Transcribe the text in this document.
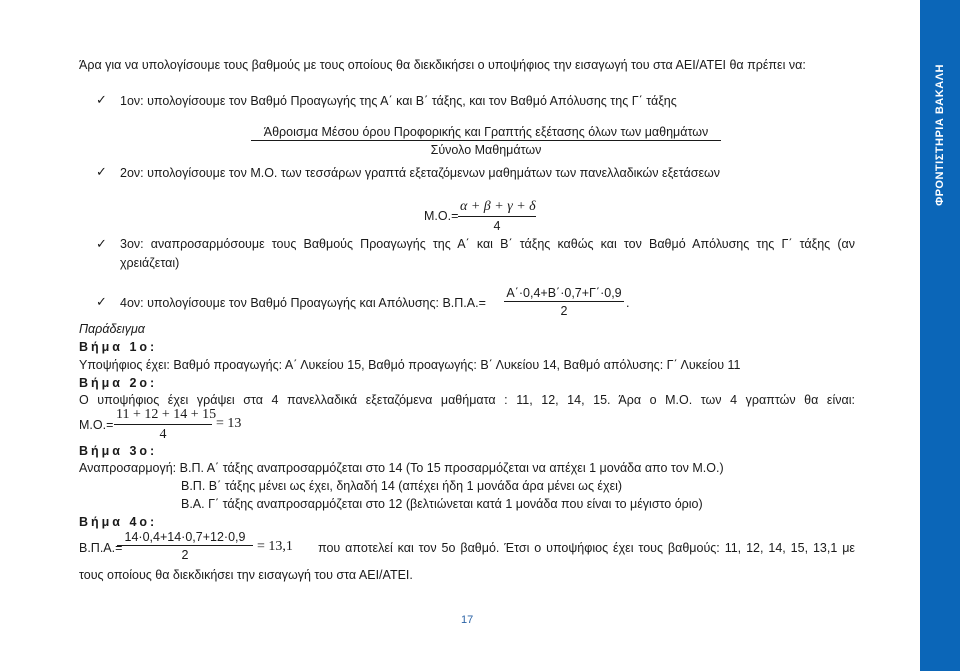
ΦΡΟΝΤΙΣΤΗΡΙΑ ΒΑΚΑΛΗ
Άρα για να υπολογίσουμε τους βαθμούς με τους οποίους θα διεκδικήσει ο υποψήφιος την εισαγωγή του στα ΑΕΙ/ΑΤΕΙ θα πρέπει να:
✓ 1ον: υπολογίσουμε τον Βαθμό Προαγωγής της Α΄ και Β΄ τάξης, και τον Βαθμό Απόλυσης της Γ΄ τάξης
Άθροισμα Μέσου όρου Προφορικής και Γραπτής εξέτασης όλων των μαθημάτων
Σύνολο Μαθημάτων
✓ 2ον: υπολογίσουμε τον Μ.Ο. των τεσσάρων γραπτά εξεταζόμενων μαθημάτων των πανελλαδικών εξετάσεων
$M.O.= \frac{\alpha + \beta + \gamma + \delta}{4}$
✓ 3ον: αναπροσαρμόσουμε τους Βαθμούς Προαγωγής της Α΄ και Β΄ τάξης καθώς και τον Βαθμό Απόλυσης της Γ΄ τάξης (αν
χρειάζεται)
✓ 4ον: υπολογίσουμε τον Βαθμό Προαγωγής και Απόλυσης: $B.\Pi.A.= \frac{A΄\cdot 0,4+B΄\cdot 0,7+\Gamma΄\cdot 0,9}{2}$ .
Παράδειγμα
Βήμα 1ο:
Υποψήφιος έχει: Βαθμό προαγωγής: Α΄ Λυκείου 15, Βαθμό προαγωγής: Β΄ Λυκείου 14, Βαθμό απόλυσης: Γ΄ Λυκείου 11
Βήμα 2ο:
Ο υποψήφιος έχει γράψει στα 4 πανελλαδικά εξεταζόμενα μαθήματα : 11, 12, 14, 15. Άρα ο Μ.Ο. των 4 γραπτών θα είναι:
$M.O.= \frac{11 + 12 + 14 + 15}{4} = 13$
Βήμα 3ο:
Αναπροσαρμογή: Β.Π. Α΄ τάξης αναπροσαρμόζεται στο 14 (Το 15 προσαρμόζεται να απέχει 1 μονάδα απο τον Μ.Ο.)
Β.Π. Β΄ τάξης μένει ως έχει, δηλαδή 14 (απέχει ήδη 1 μονάδα άρα μένει ως έχει)
Β.Α. Γ΄ τάξης αναπροσαρμόζεται στο 12 (βελτιώνεται κατά 1 μονάδα που είναι το μέγιστο όριο)
Βήμα 4ο:
Β.Π.Α.=
$\frac{14\cdot 0,4+14\cdot 0,7+12\cdot 0,9}{2} = 13,1$ που αποτελεί και τον 5ο βαθμό. Έτσι ο υποψήφιος έχει τους βαθμούς: 11, 12, 14, 15, 13,1 με
τους οποίους θα διεκδικήσει την εισαγωγή του στα ΑΕΙ/ΑΤΕΙ.
17
